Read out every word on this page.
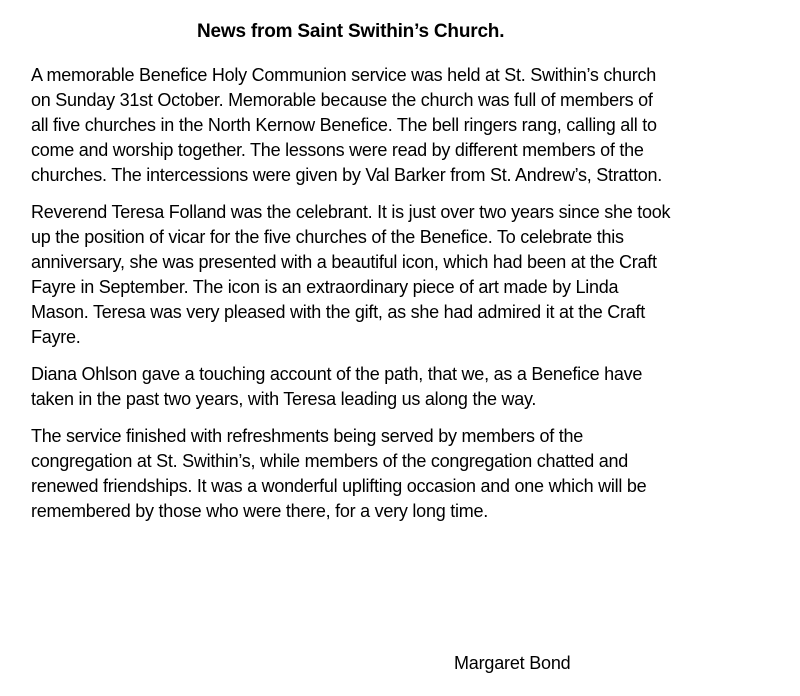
News from Saint Swithin’s Church.

A memorable Benefice Holy Communion service was held at St. Swithin’s church
on Sunday 31st October. Memorable because the church was full of members of
all five churches in the North Kernow Benefice. The bell ringers rang, calling all to
come and worship together. The lessons were read by different members of the
churches. The intercessions were given by Val Barker from St. Andrew’s, Stratton.

Reverend Teresa Folland was the celebrant. It is just over two years since she took
up the position of vicar for the five churches of the Benefice. To celebrate this
anniversary, she was presented with a beautiful icon, which had been at the Craft
Fayre in September. The icon is an extraordinary piece of art made by Linda
Mason. Teresa was very pleased with the gift, as she had admired it at the Craft
Fayre.

Diana Ohlson gave a touching account of the path, that we, as a Benefice have
taken in the past two years, with Teresa leading us along the way.

The service finished with refreshments being served by members of the
congregation at St. Swithin’s, while members of the congregation chatted and
renewed friendships. It was a wonderful uplifting occasion and one which will be
remembered by those who were there, for a very long time.

Margaret Bond
